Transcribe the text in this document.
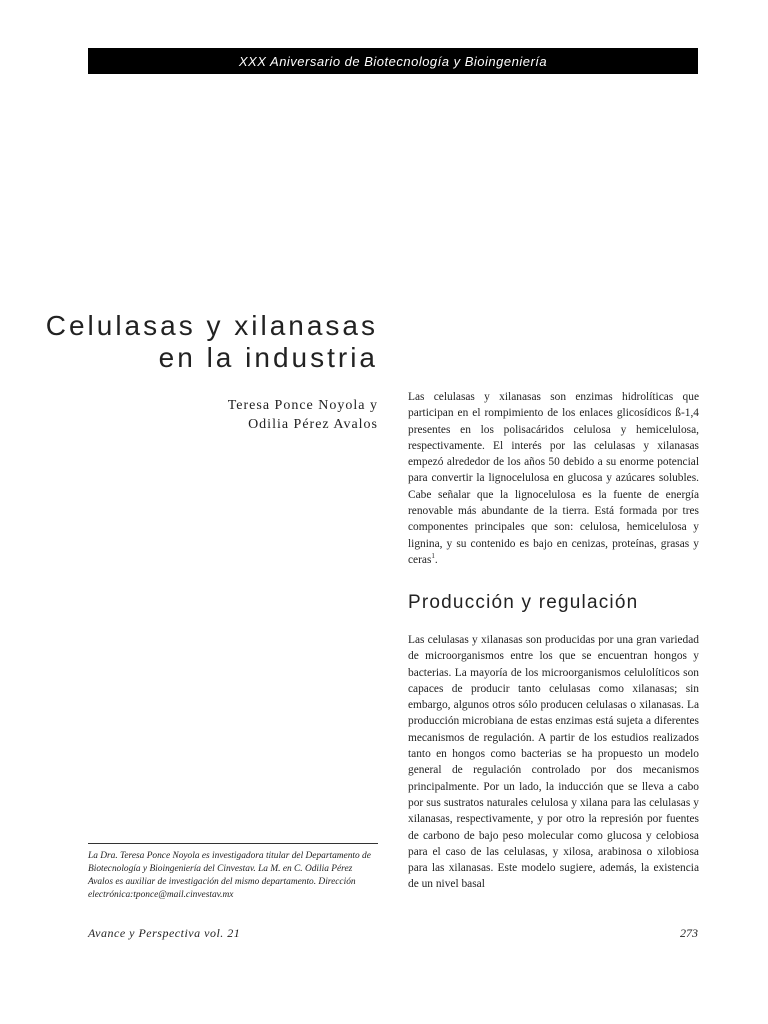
XXX Aniversario de Biotecnología y Bioingeniería
Celulasas y xilanasas
en la industria
Teresa Ponce Noyola y
Odilia Pérez Avalos

Las celulasas y xilanasas son enzimas hidrolíticas que participan en el rompimiento de los enlaces glicosídicos ß-1,4 presentes en los polisacáridos celulosa y hemicelulosa, respectivamente. El interés por las celulasas y xilanasas empezó alrededor de los años 50 debido a su enorme potencial para convertir la lignocelulosa en glucosa y azúcares solubles. Cabe señalar que la lignocelulosa es la fuente de energía renovable más abundante de la tierra. Está formada por tres componentes principales que son: celulosa, hemicelulosa y lignina, y su contenido es bajo en cenizas, proteínas, grasas y ceras$^1$.

Producción y regulación

Las celulasas y xilanasas son producidas por una gran variedad de microorganismos entre los que se encuentran hongos y bacterias. La mayoría de los microorganismos celulolíticos son capaces de producir tanto celulasas como xilanasas; sin embargo, algunos otros sólo producen celulasas o xilanasas. La producción microbiana de estas enzimas está sujeta a diferentes mecanismos de regulación. A partir de los estudios realizados tanto en hongos como bacterias se ha propuesto un modelo general de regulación controlado por dos mecanismos principalmente. Por un lado, la inducción que se lleva a cabo por sus sustratos naturales celulosa y xilana para las celulasas y xilanasas, respectivamente, y por otro la represión por fuentes de carbono de bajo peso molecular como glucosa y celobiosa para el caso de las celulasas, y xilosa, arabinosa o xilobiosa para las xilanasas. Este modelo sugiere, además, la existencia de un nivel basal

La Dra. Teresa Ponce Noyola es investigadora titular del Departamento de Biotecnología y Bioingeniería del Cinvestav. La M. en C. Odilia Pérez Avalos es auxiliar de investigación del mismo departamento. Dirección electrónica:tponce@mail.cinvestav.mx

Avance y Perspectiva vol. 21	273
